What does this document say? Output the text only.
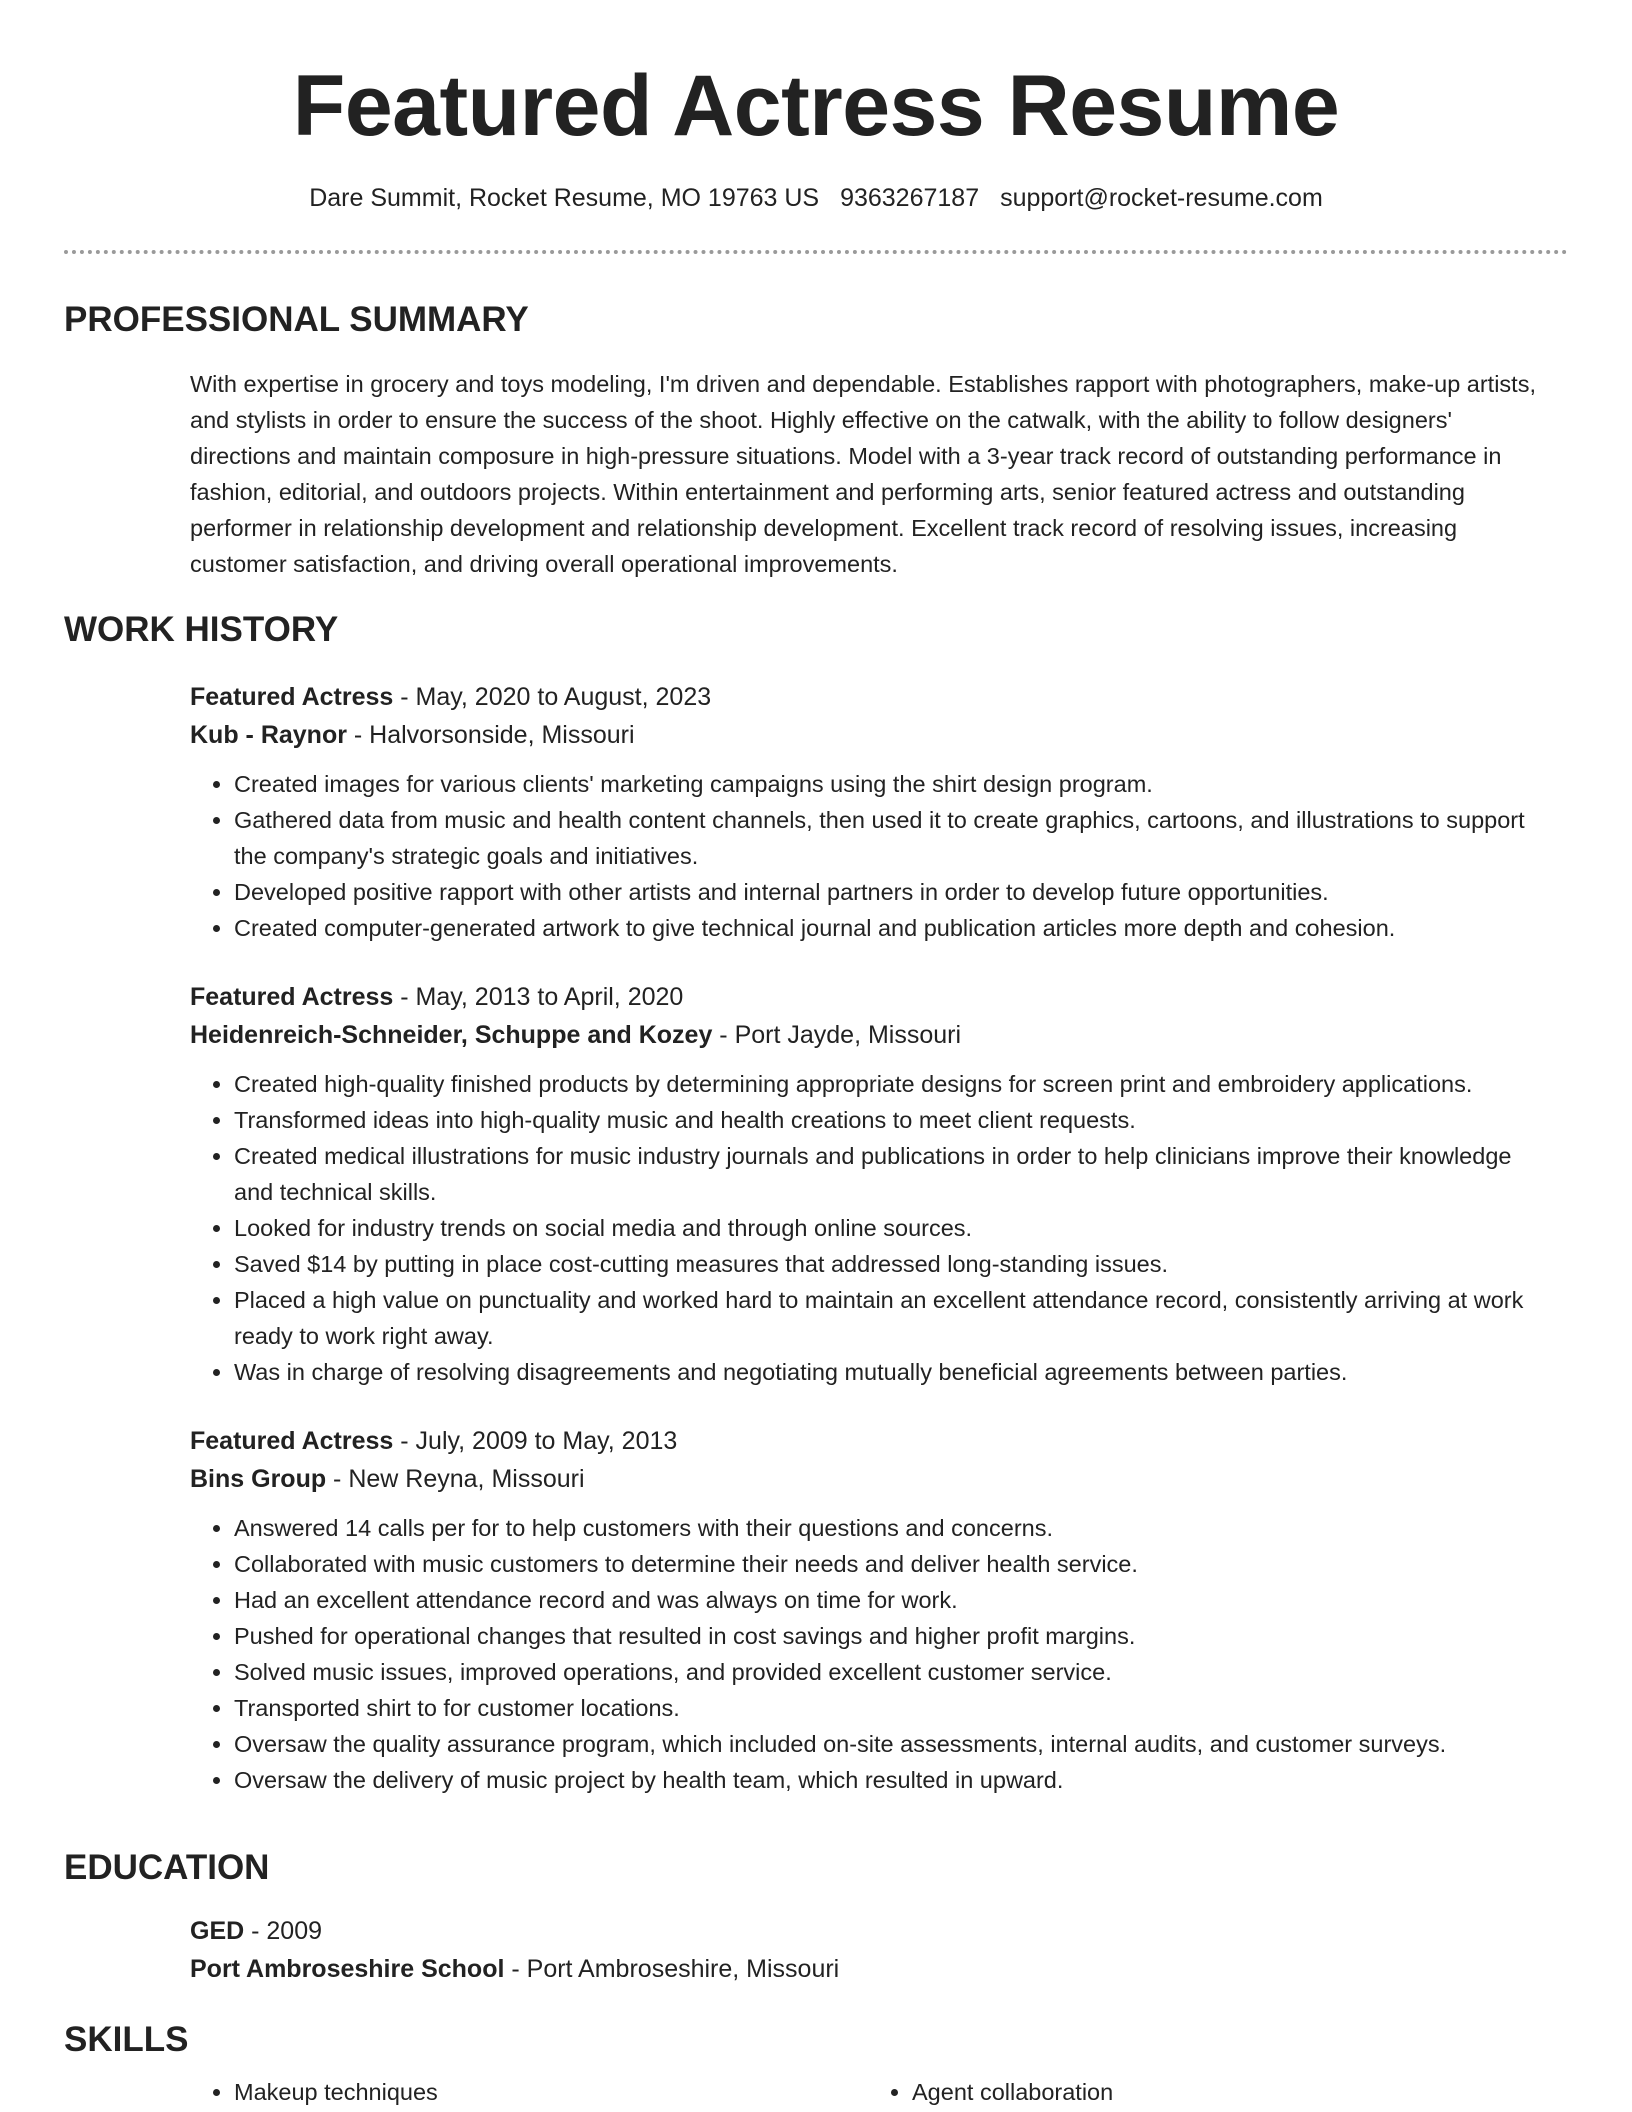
Featured Actress Resume
Dare Summit, Rocket Resume, MO 19763 US 9363267187 support@rocket-resume.com
PROFESSIONAL SUMMARY

With expertise in grocery and toys modeling, I'm driven and dependable. Establishes rapport with photographers, make-up artists, and stylists in order to ensure the success of the shoot. Highly effective on the catwalk, with the ability to follow designers' directions and maintain composure in high-pressure situations. Model with a 3-year track record of outstanding performance in fashion, editorial, and outdoors projects. Within entertainment and performing arts, senior featured actress and outstanding performer in relationship development and relationship development. Excellent track record of resolving issues, increasing customer satisfaction, and driving overall operational improvements.

WORK HISTORY
Featured Actress - May, 2020 to August, 2023
Kub - Raynor - Halvorsonside, Missouri
• Created images for various clients' marketing campaigns using the shirt design program.
• Gathered data from music and health content channels, then used it to create graphics, cartoons, and illustrations to support the company's strategic goals and initiatives.
• Developed positive rapport with other artists and internal partners in order to develop future opportunities.
• Created computer-generated artwork to give technical journal and publication articles more depth and cohesion.
Featured Actress - May, 2013 to April, 2020
Heidenreich-Schneider, Schuppe and Kozey - Port Jayde, Missouri
• Created high-quality finished products by determining appropriate designs for screen print and embroidery applications.
• Transformed ideas into high-quality music and health creations to meet client requests.
• Created medical illustrations for music industry journals and publications in order to help clinicians improve their knowledge and technical skills.
• Looked for industry trends on social media and through online sources.
• Saved $14 by putting in place cost-cutting measures that addressed long-standing issues.
• Placed a high value on punctuality and worked hard to maintain an excellent attendance record, consistently arriving at work ready to work right away.
• Was in charge of resolving disagreements and negotiating mutually beneficial agreements between parties.
Featured Actress - July, 2009 to May, 2013
Bins Group - New Reyna, Missouri
• Answered 14 calls per for to help customers with their questions and concerns.
• Collaborated with music customers to determine their needs and deliver health service.
• Had an excellent attendance record and was always on time for work.
• Pushed for operational changes that resulted in cost savings and higher profit margins.
• Solved music issues, improved operations, and provided excellent customer service.
• Transported shirt to for customer locations.
• Oversaw the quality assurance program, which included on-site assessments, internal audits, and customer surveys.
• Oversaw the delivery of music project by health team, which resulted in upward.
EDUCATION
GED - 2009
Port Ambroseshire School - Port Ambroseshire, Missouri
SKILLS
• Makeup techniques
•	Agent collaboration
